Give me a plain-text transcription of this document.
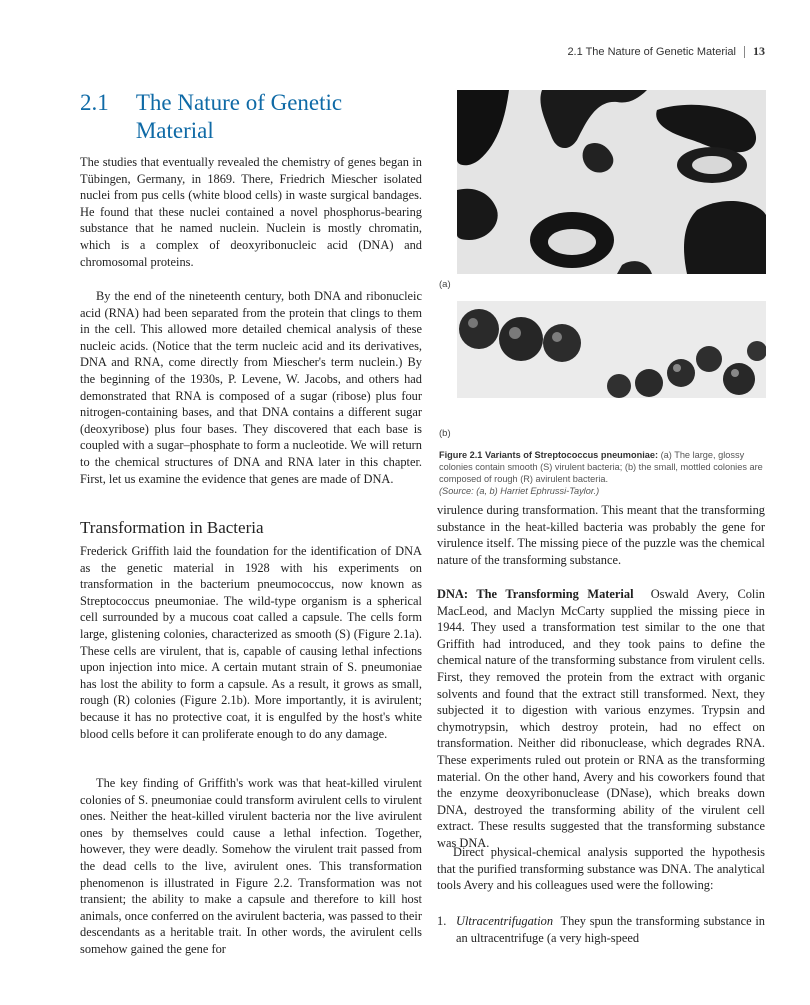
2.1 The Nature of Genetic Material	13
2.1	The Nature of Genetic Material

The studies that eventually revealed the chemistry of genes began in Tübingen, Germany, in 1869. There, Friedrich Miescher isolated nuclei from pus cells (white blood cells) in waste surgical bandages. He found that these nuclei contained a novel phosphorus-bearing substance that he named nuclein. Nuclein is mostly chromatin, which is a complex of deoxyribonucleic acid (DNA) and chromosomal proteins.

By the end of the nineteenth century, both DNA and ribonucleic acid (RNA) had been separated from the protein that clings to them in the cell. This allowed more detailed chemical analysis of these nucleic acids. (Notice that the term nucleic acid and its derivatives, DNA and RNA, come directly from Miescher's term nuclein.) By the beginning of the 1930s, P. Levene, W. Jacobs, and others had demonstrated that RNA is composed of a sugar (ribose) plus four nitrogen-containing bases, and that DNA contains a different sugar (deoxyribose) plus four bases. They discovered that each base is coupled with a sugar–phosphate to form a nucleotide. We will return to the chemical structures of DNA and RNA later in this chapter. First, let us examine the evidence that genes are made of DNA.

Transformation in Bacteria

Frederick Griffith laid the foundation for the identification of DNA as the genetic material in 1928 with his experiments on transformation in the bacterium pneumococcus, now known as Streptococcus pneumoniae. The wild-type organism is a spherical cell surrounded by a mucous coat called a capsule. The cells form large, glistening colonies, characterized as smooth (S) (Figure 2.1a). These cells are virulent, that is, capable of causing lethal infections upon injection into mice. A certain mutant strain of S. pneumoniae has lost the ability to form a capsule. As a result, it grows as small, rough (R) colonies (Figure 2.1b). More importantly, it is avirulent; because it has no protective coat, it is engulfed by the host's white blood cells before it can proliferate enough to do any damage.

The key finding of Griffith's work was that heat-killed virulent colonies of S. pneumoniae could transform avirulent cells to virulent ones. Neither the heat-killed virulent bacteria nor the live avirulent ones by themselves could cause a lethal infection. Together, however, they were deadly. Somehow the virulent trait passed from the dead cells to the live, avirulent ones. This transformation phenomenon is illustrated in Figure 2.2. Transformation was not transient; the ability to make a capsule and therefore to kill host animals, once conferred on the avirulent bacteria, was passed to their descendants as a heritable trait. In other words, the avirulent cells somehow gained the gene for

(a)
(b)
Figure 2.1 Variants of Streptococcus pneumoniae: (a) The large, glossy colonies contain smooth (S) virulent bacteria; (b) the small, mottled colonies are composed of rough (R) avirulent bacteria.
(Source: (a, b) Harriet Ephrussi-Taylor.)

virulence during transformation. This meant that the transforming substance in the heat-killed bacteria was probably the gene for virulence itself. The missing piece of the puzzle was the chemical nature of the transforming substance.

DNA: The Transforming Material Oswald Avery, Colin MacLeod, and Maclyn McCarty supplied the missing piece in 1944. They used a transformation test similar to the one that Griffith had introduced, and they took pains to define the chemical nature of the transforming substance from virulent cells. First, they removed the protein from the extract with organic solvents and found that the extract still transformed. Next, they subjected it to digestion with various enzymes. Trypsin and chymotrypsin, which destroy protein, had no effect on transformation. Neither did ribonuclease, which degrades RNA. These experiments ruled out protein or RNA as the transforming material. On the other hand, Avery and his coworkers found that the enzyme deoxyribonuclease (DNase), which breaks down DNA, destroyed the transforming ability of the virulent cell extract. These results suggested that the transforming substance was DNA.

Direct physical-chemical analysis supported the hypothesis that the purified transforming substance was DNA. The analytical tools Avery and his colleagues used were the following:

1. Ultracentrifugation They spun the transforming substance in an ultracentrifuge (a very high-speed
